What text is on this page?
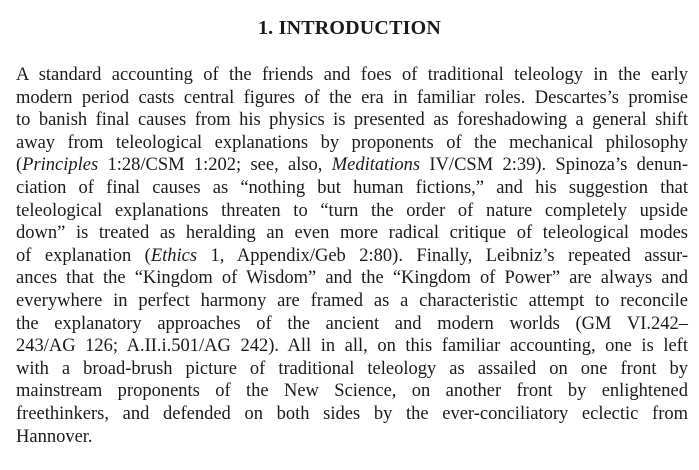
1. INTRODUCTION
A standard accounting of the friends and foes of traditional teleology in the early
modern period casts central figures of the era in familiar roles. Descartes’s promise
to banish final causes from his physics is presented as foreshadowing a general shift
away from teleological explanations by proponents of the mechanical philosophy
(Principles 1:28/CSM 1:202; see, also, Meditations IV/CSM 2:39). Spinoza’s denun-
ciation of final causes as “nothing but human fictions,” and his suggestion that
teleological explanations threaten to “turn the order of nature completely upside
down” is treated as heralding an even more radical critique of teleological modes
of explanation (Ethics 1, Appendix/Geb 2:80). Finally, Leibniz’s repeated assur-
ances that the “Kingdom of Wisdom” and the “Kingdom of Power” are always and
everywhere in perfect harmony are framed as a characteristic attempt to reconcile
the explanatory approaches of the ancient and modern worlds (GM VI.242–
243/AG 126; A.II.i.501/AG 242). All in all, on this familiar accounting, one is left
with a broad-brush picture of traditional teleology as assailed on one front by
mainstream proponents of the New Science, on another front by enlightened
freethinkers, and defended on both sides by the ever-conciliatory eclectic from
Hannover.
